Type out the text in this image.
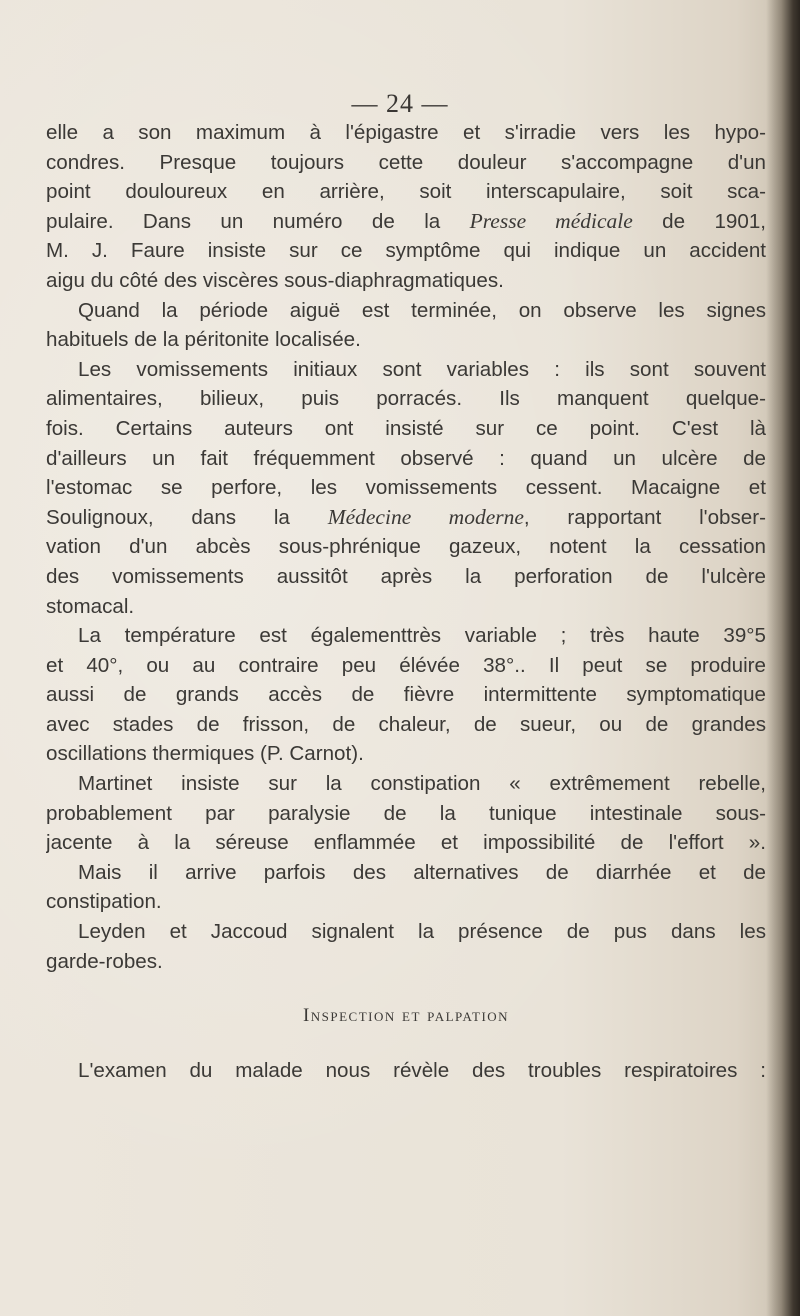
— 24 —
elle a son maximum à l'épigastre et s'irradie vers les hypo-
condres. Presque toujours cette douleur s'accompagne d'un
point douloureux en arrière, soit interscapulaire, soit sca-
pulaire. Dans un numéro de la Presse médicale de 1901,
M. J. Faure insiste sur ce symptôme qui indique un accident
aigu du côté des viscères sous-diaphragmatiques.
Quand la période aiguë est terminée, on observe les signes
habituels de la péritonite localisée.
Les vomissements initiaux sont variables : ils sont souvent
alimentaires, bilieux, puis porracés. Ils manquent quelque-
fois. Certains auteurs ont insisté sur ce point. C'est là
d'ailleurs un fait fréquemment observé : quand un ulcère de
l'estomac se perfore, les vomissements cessent. Macaigne et
Soulignoux, dans la Médecine moderne, rapportant l'obser-
vation d'un abcès sous-phrénique gazeux, notent la cessation
des vomissements aussitôt après la perforation de l'ulcère
stomacal.
La température est égalementtrès variable ; très haute 39°5
et 40°, ou au contraire peu élévée 38°.. Il peut se produire
aussi de grands accès de fièvre intermittente symptomatique
avec stades de frisson, de chaleur, de sueur, ou de grandes
oscillations thermiques (P. Carnot).
Martinet insiste sur la constipation « extrêmement rebelle,
probablement par paralysie de la tunique intestinale sous-
jacente à la séreuse enflammée et impossibilité de l'effort ».
Mais il arrive parfois des alternatives de diarrhée et de
constipation.
Leyden et Jaccoud signalent la présence de pus dans les
garde-robes.
Inspection et palpation
L'examen du malade nous révèle des troubles respiratoires :
